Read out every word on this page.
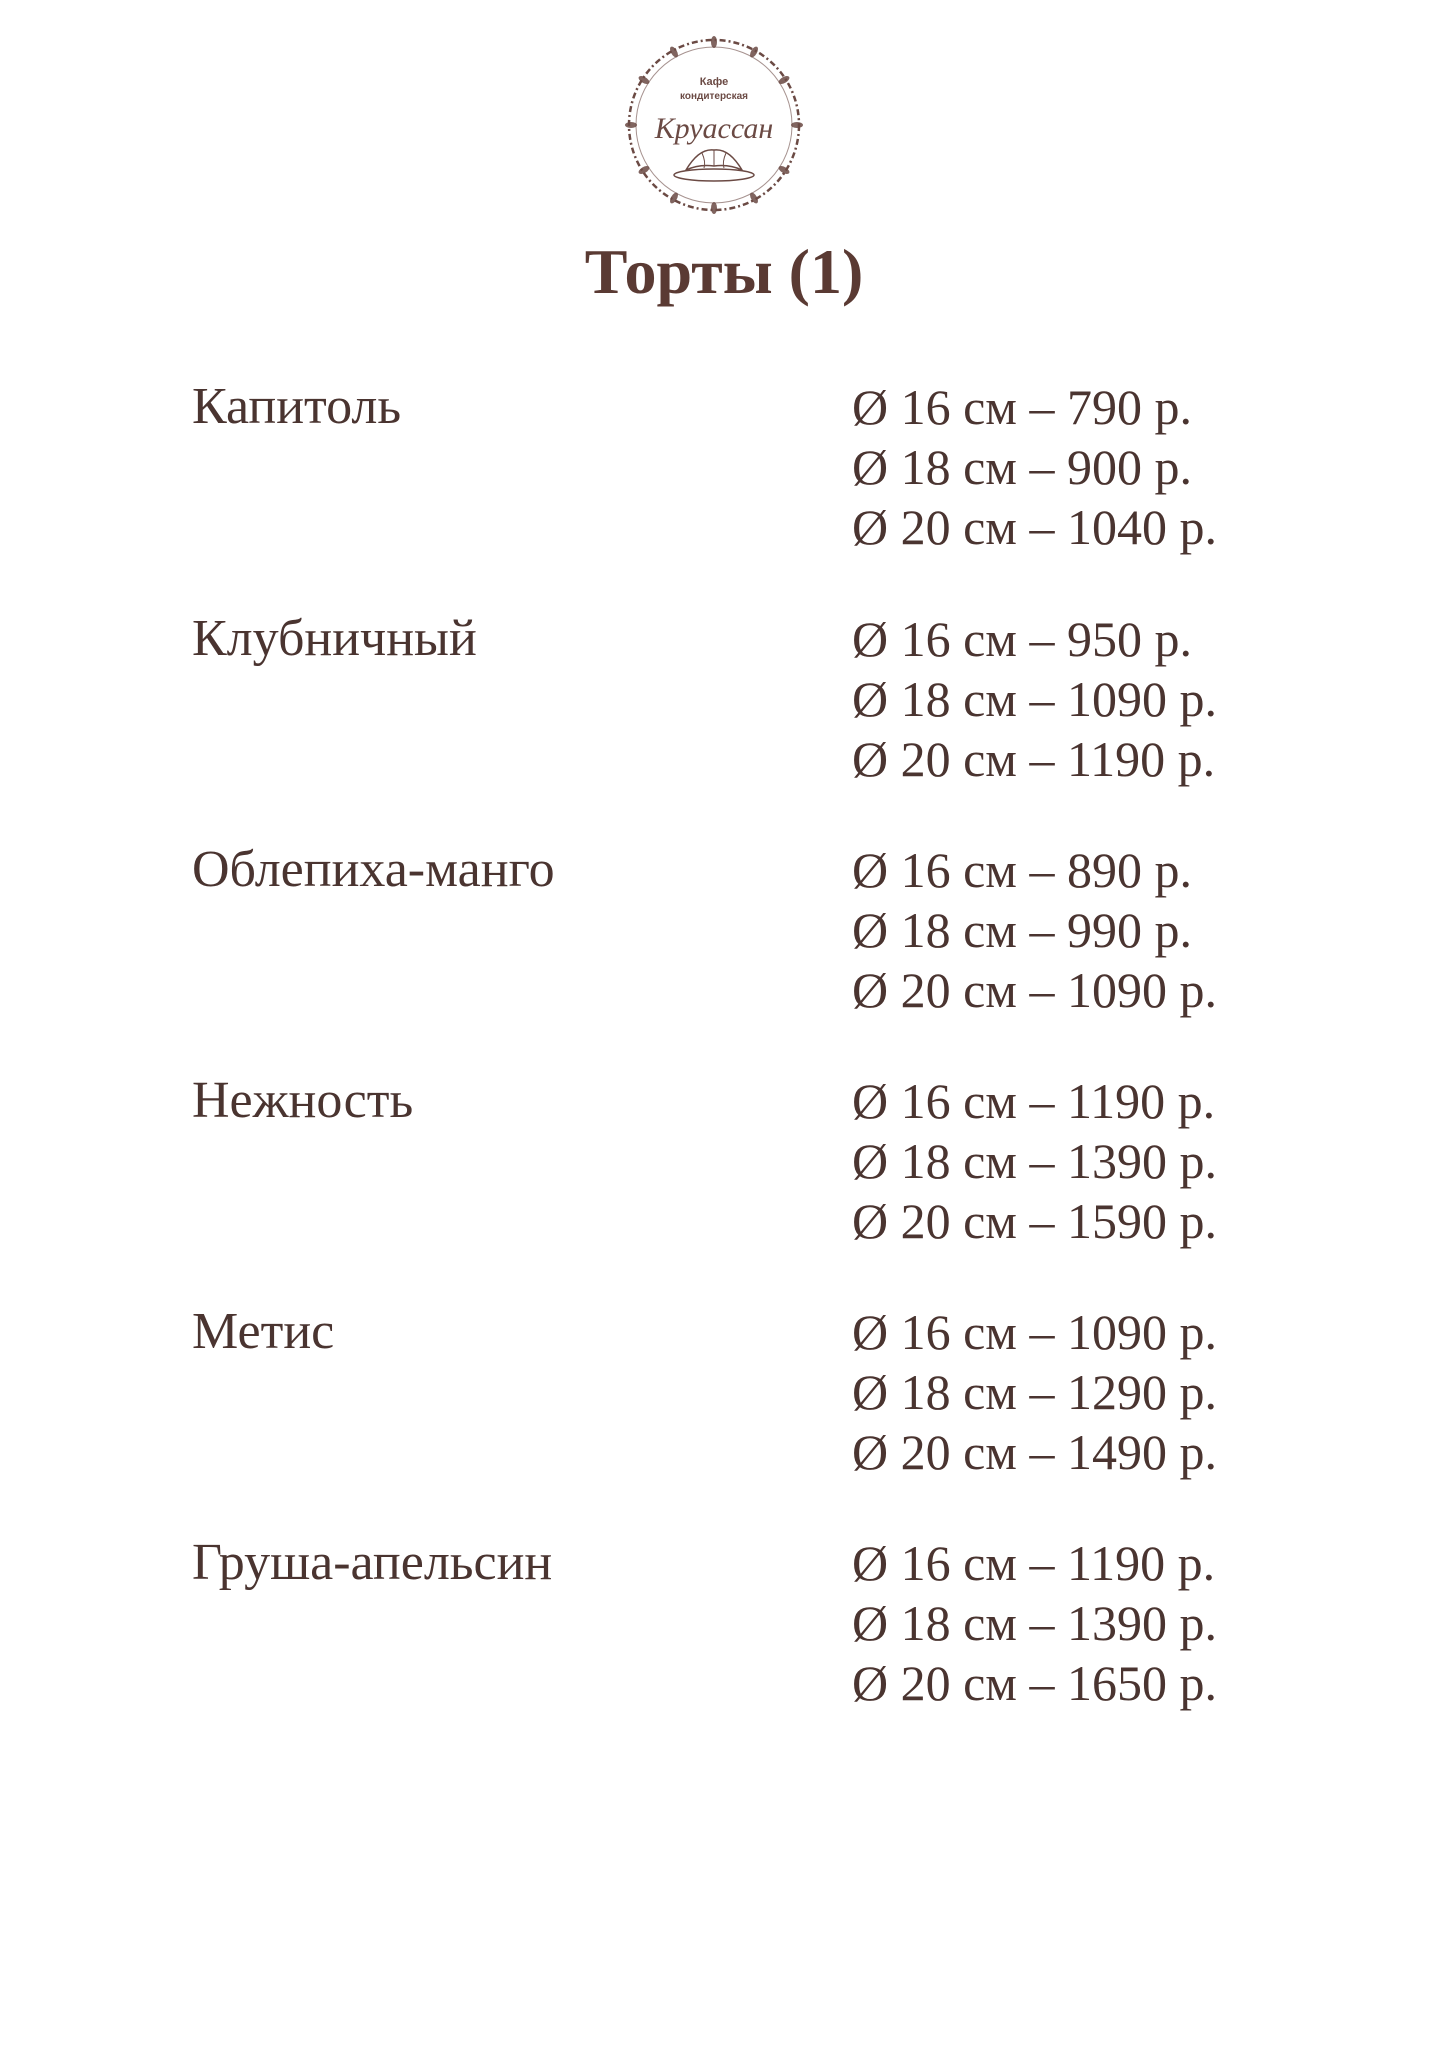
Кафе
кондитерская
Круассан
Торты (1)
Капитоль	Ø 16 см – 790 р.
Ø 18 см – 900 р.
Ø 20 см – 1040 р.
Клубничный	Ø 16 см – 950 р.
Ø 18 см – 1090 р.
Ø 20 см – 1190 р.
Облепиха-манго	Ø 16 см – 890 р.
Ø 18 см – 990 р.
Ø 20 см – 1090 р.
Нежность	Ø 16 см – 1190 р.
Ø 18 см – 1390 р.
Ø 20 см – 1590 р.
Метис	Ø 16 см – 1090 р.
Ø 18 см – 1290 р.
Ø 20 см – 1490 р.
Груша-апельсин	Ø 16 см – 1190 р.
Ø 18 см – 1390 р.
Ø 20 см – 1650 р.
